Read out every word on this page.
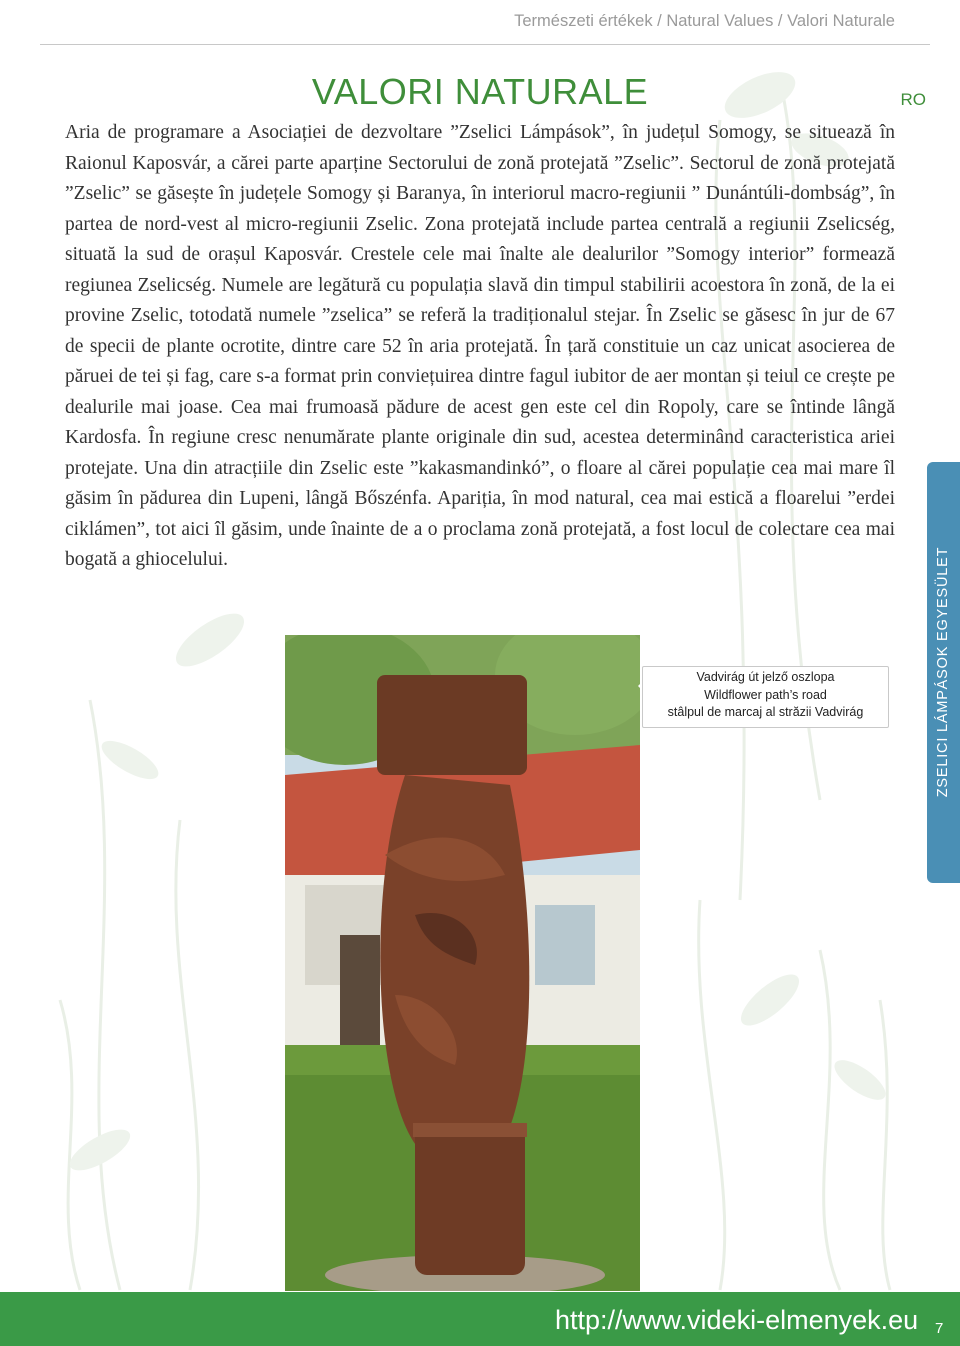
Természeti értékek / Natural Values / Valori Naturale
VALORI NATURALE	RO

Aria de programare a Asociației de dezvoltare ”Zselici Lámpások”, în județul Somogy, se situează în Raionul Kaposvár, a cărei parte aparține Sectorului de zonă protejată ”Zselic”. Sectorul de zonă protejată ”Zselic” se găsește în județele Somogy și Baranya, în interiorul macro-regiunii ” Dunántúli-dombság”, în partea de nord-vest al micro-regiunii Zselic. Zona protejată include partea centrală a regiunii Zselicség, situată la sud de orașul Kaposvár. Crestele cele mai înalte ale dealurilor ”Somogy interior” formează regiunea Zselicség. Numele are legătură cu populația slavă din timpul stabilirii acoestora în zonă, de la ei provine Zselic, totodată numele ”zselica” se referă la tradiționalul stejar. În Zselic se găsesc în jur de 67 de specii de plante ocrotite, dintre care 52 în aria protejată. În țară constituie un caz unicat asocierea de păruei de tei și fag, care s-a format prin conviețuirea dintre fagul iubitor de aer montan și teiul ce crește pe dealurile mai joase. Cea mai frumoasă pădure de acest gen este cel din Ropoly, care se întinde lângă Kardosfa. În regiune cresc nenumărate plante originale din sud, acestea determinând caracteristica ariei protejate. Una din atracțiile din Zselic este ”kakasmandinkó”, o floare al cărei populație cea mai mare îl găsim în pădurea din Lupeni, lângă Bőszénfa. Apariția, în mod natural, cea mai estică a floarelui ”erdei ciklámen”, tot aici îl găsim, unde înainte de a o proclama zonă protejată, a fost locul de colectare cea mai bogată a ghiocelului.

Vadvirág út jelző oszlopa
Wildflower path’s road
stâlpul de marcaj al străzii Vadvirág	ZSELICI LÁMPÁSOK EGYESÜLET
http://www.videki-elmenyek.eu 7
